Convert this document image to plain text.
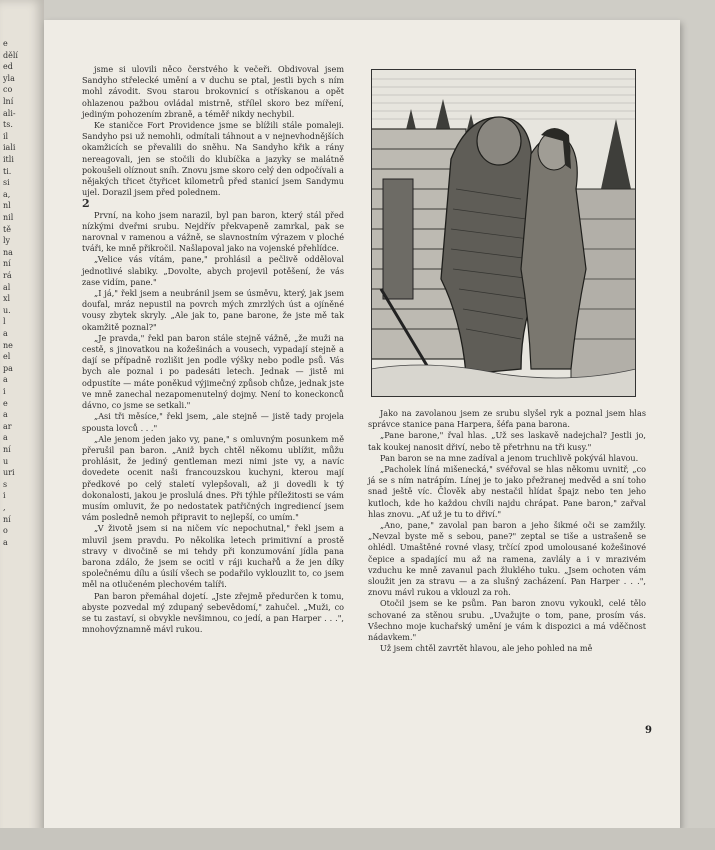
e
dělí
ed
yla
co
lní
ali-
ts.
il
iali
itli
ti.
si
a,
nl
nil
tě
ly
na
ní
rá
al
xl
u.
l
a
ne
el
pa
a
i
e
a
ar
a
ní
u
uri
s
i
,
ní
o
a

jsme si ulovili něco čerstvého k večeři. Obdivoval jsem Sandyho střelecké umění a v duchu se ptal, jestli bych s ním mohl závodit. Svou starou brokovnicí s otřískanou a opět ohlazenou pažbou ovládal mistrně, střílel skoro bez míření, jediným pohozením zbraně, a téměř nikdy nechybil.

Ke staničce Fort Providence jsme se blížili stále pomaleji. Sandyho psi už nemohli, odmítali táhnout a v nejnevhodnějších okamžicích se převalili do sněhu. Na Sandyho křik a rány nereagovali, jen se stočili do klubíčka a jazyky se malátně pokoušeli olíznout sníh. Znovu jsme skoro celý den odpočívali a nějakých třicet čtyřicet kilometrů před stanicí jsem Sandymu ujel. Dorazil jsem před polednem.

2

První, na koho jsem narazil, byl pan baron, který stál před nízkými dveřmi srubu. Nejdřív překvapeně zamrkal, pak se narovnal v ramenou a vážně, se slavnostním výrazem v ploché tváři, ke mně přikročil. Našlapoval jako na vojenské přehlídce.

„Velice vás vítám, pane," prohlásil a pečlivě odděloval jednotlivé slabiky. „Dovolte, abych projevil potěšení, že vás zase vidím, pane."

„I já," řekl jsem a neubránil jsem se úsměvu, který, jak jsem doufal, mráz nepustil na povrch mých zmrzlých úst a ojíněné vousy zbytek skryly. „Ale jak to, pane barone, že jste mě tak okamžitě poznal?"

„Je pravda," řekl pan baron stále stejně vážně, „že muži na cestě, s jinovatkou na kožešinách a vousech, vypadají stejně a dají se případně rozlišit jen podle výšky nebo podle psů. Vás bych ale poznal i po padesáti letech. Jednak — jistě mi odpustíte — máte poněkud výjimečný způsob chůze, jednak jste ve mně zanechal nezapomenutelný dojmy. Není to koneckonců dávno, co jsme se setkali."

„Asi tři měsíce," řekl jsem, „ale stejně — jistě tady projela spousta lovců . . ."

„Ale jenom jeden jako vy, pane," s omluvným posunkem mě přerušil pan baron. „Aniž bych chtěl někomu ublížit, můžu prohlásit, že jediný gentleman mezi nimi jste vy, a navíc dovedete ocenit naši francouzskou kuchyni, kterou mají předkové po celý staletí vylepšovali, až ji dovedli k tý dokonalosti, jakou je proslulá dnes. Při týhle příležitosti se vám musím omluvit, že po nedostatek patřičných ingrediencí jsem vám posledně nemoh připravit to nejlepší, co umím."

„V životě jsem si na ničem víc nepochutnal," řekl jsem a mluvil jsem pravdu. Po několika letech primitivní a prostě stravy v divočině se mi tehdy při konzumování jídla pana barona zdálo, že jsem se ocitl v ráji kuchařů a že jen díky společnému dílu a úsilí všech se podařilo vyklouzlit to, co jsem měl na otlučeném plechovém talíři.

Pan baron přemáhal dojetí. „Jste zřejmě předurčen k tomu, abyste pozvedal mý zdupaný sebevědomí," zahučel. „Muži, co se tu zastaví, si obvykle nevšimnou, co jedí, a pan Harper . . .", mnohovýznamně mávl rukou.

Jako na zavolanou jsem ze srubu slyšel ryk a poznal jsem hlas správce stanice pana Harpera, šéfa pana barona.

„Pane barone," řval hlas. „Už ses laskavě nadejchal? Jestli jo, tak koukej nanosit dřiví, nebo tě přetrhnu na tři kusy."

Pan baron se na mne zadíval a jenom truchlivě pokývál hlavou.

„Pacholek líná mišenecká," svéřoval se hlas někomu uvnitř, „co já se s ním natrápím. Línej je to jako přežranej medvěd a sní toho snad ještě víc. Člověk aby nestačil hlídat špajz nebo ten jeho kutloch, kde ho každou chvíli najdu chrápat. Pane baron," zařval hlas znovu. „Ať už je tu to dřiví."

„Ano, pane," zavolal pan baron a jeho šikmé oči se zamžily. „Nevzal byste mě s sebou, pane?" zeptal se tiše a ustrašeně se ohlédl. Umaštěné rovné vlasy, trčící zpod umolousané kožešinové čepice a spadající mu až na ramena, zavlály a i v mrazivém vzduchu ke mně zavanul pach žluklého tuku. „Jsem ochoten vám sloužit jen za stravu — a za slušný zacházení. Pan Harper . . .", znovu mávl rukou a vklouzl za roh.

Otočil jsem se ke psům. Pan baron znovu vykoukl, celé tělo schované za stěnou srubu. „Uvažujte o tom, pane, prosím vás. Všechno moje kuchařský umění je vám k dispozici a má vděčnost nádavkem."

Už jsem chtěl zavrtět hlavou, ale jeho pohled na mě

9
